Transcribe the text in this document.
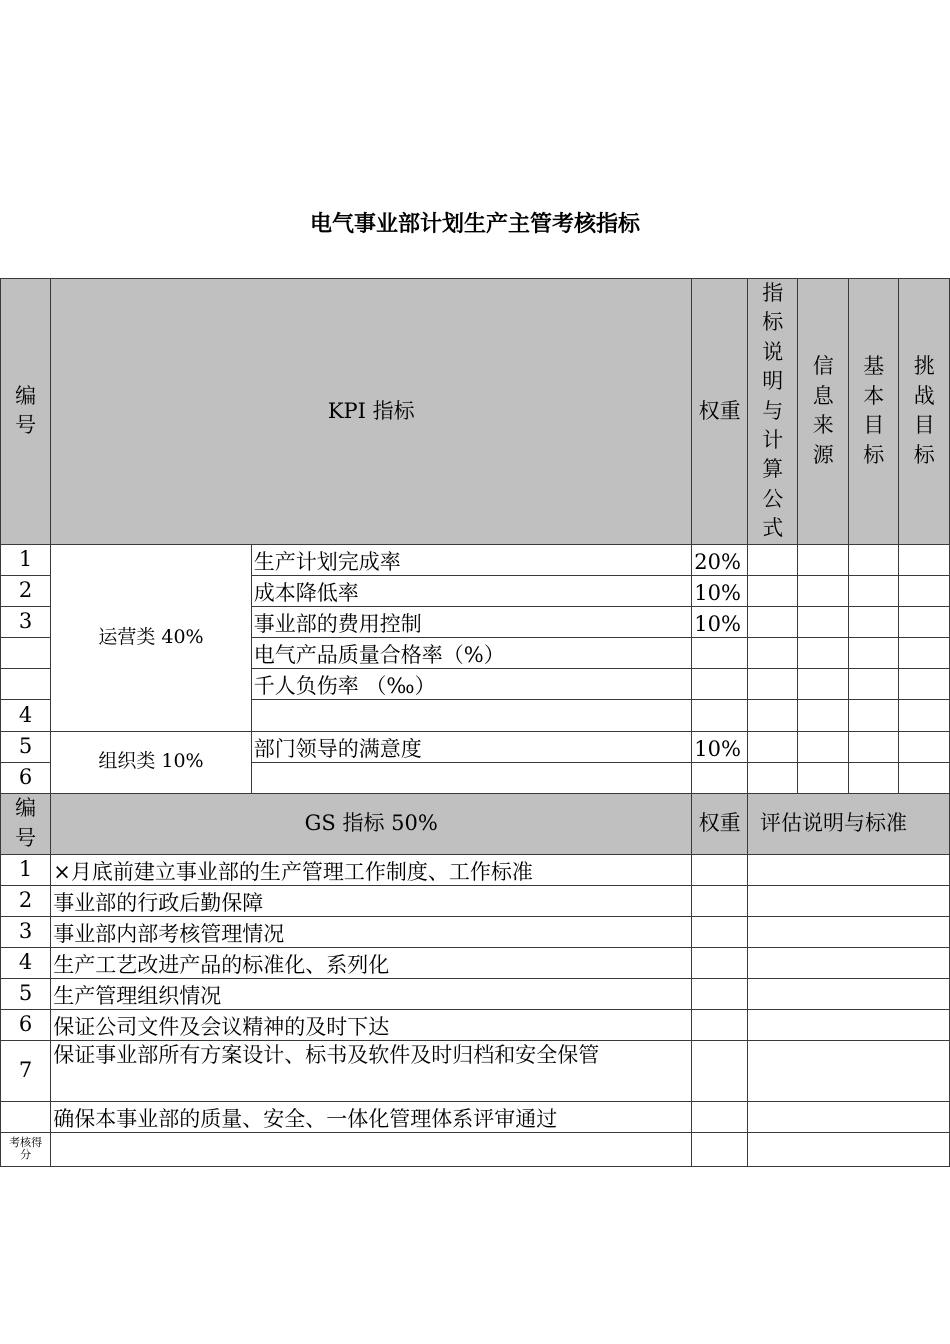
电气事业部计划生产主管考核指标
编号	KPI 指标		权重	指标说明与计算公式	信息来源	基本目标	挑战目标

1	运营类 40%	生产计划完成率	20%				
2		成本降低率	10%				
3		事业部的费用控制	10%				
		电气产品质量合格率（%）					
		千人负伤率 （‰）					
4							
5	组织类 10%	部门领导的满意度	10%				
6							

编号	GS 指标 50%		权重	评估说明与标准			
1	×月底前建立事业部的生产管理工作制度、工作标准						
2	事业部的行政后勤保障						
3	事业部内部考核管理情况						
4	生产工艺改进产品的标准化、系列化						
5	生产管理组织情况						
6	保证公司文件及会议精神的及时下达						
7	保证事业部所有方案设计、标书及软件及时归档和安全保管						
	确保本事业部的质量、安全、一体化管理体系评审通过						

考核得分							
